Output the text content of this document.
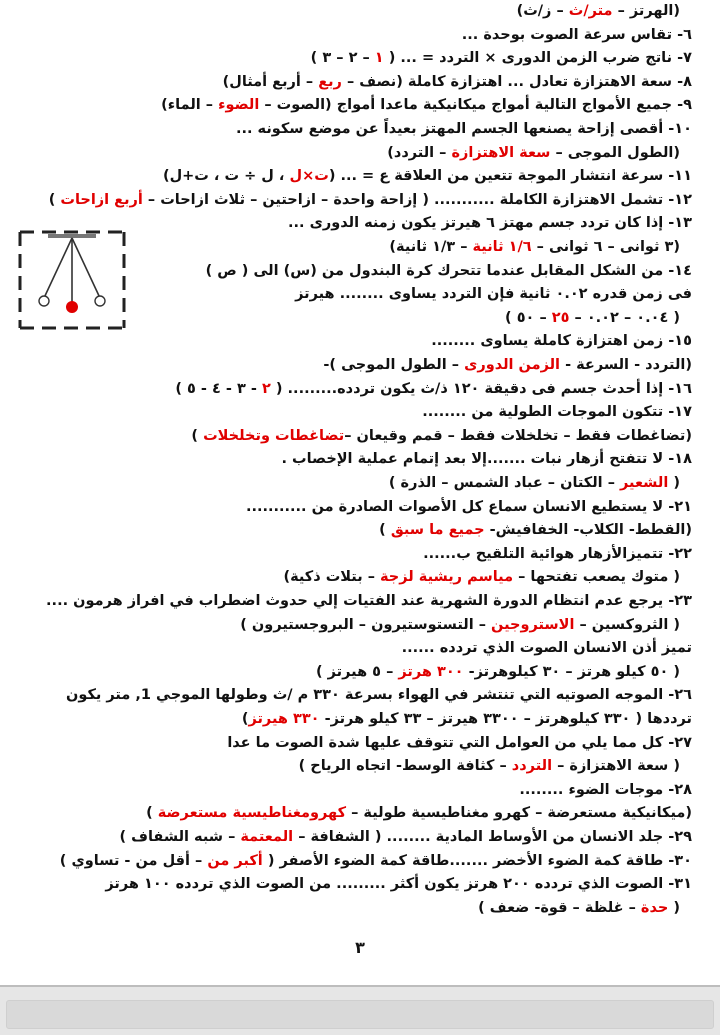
(الهرتز – متر/ث – ز/ث)
٦- تقاس سرعة الصوت بوحدة ...
٧- ناتج ضرب الزمن الدورى × التردد = ... ( ١ – ٢ – ٣ )
٨- سعة الاهتزازة تعادل ... اهتزازة كاملة (نصف – ربع – أربع أمثال)
٩- جميع الأمواج التالية أمواج ميكانيكية ماعدا أمواج (الصوت – الضوء – الماء)
١٠- أقصى إزاحة يصنعها الجسم المهتز بعيداً عن موضع سكونه ...
(الطول الموجى – سعة الاهتزازة – التردد)
١١- سرعة انتشار الموجة تتعين من العلاقة ع = ... (ت×ل ، ل ÷ ت ، ت+ل)
١٢- تشمل الاهتزازة الكاملة ........... ( إزاحة واحدة – ازاحتين – ثلاث ازاحات – أربع ازاحات )
١٣- إذا كان تردد جسم مهتز ٦ هيرتز يكون زمنه الدورى ...
(٣ ثوانى – ٦ ثوانى – ١/٦ ثانية – ١/٣ ثانية)
١٤- من الشكل المقابل عندما تتحرك كرة البندول من (س) الى ( ص )
فى زمن قدره ٠.٠٢ ثانية فإن التردد يساوى ........ هيرتز
( ٠.٠٤ – ٠.٠٢ – ٢٥ – ٥٠ )
١٥- زمن اهتزازة كاملة يساوى ........
(التردد - السرعة - الزمن الدورى – الطول الموجى )-
١٦- إذا أحدث جسم فى دقيقة ١٢٠ ذ/ث يكون تردده......... ( ٢ - ٣ - ٤ - ٥ )
١٧- تتكون الموجات الطولية من ........
(تضاغطات فقط – تخلخلات فقط – قمم وقيعان –تضاغطات وتخلخلات )
١٨- لا تتفتح أزهار نبات .......إلا بعد إتمام عملية الإخصاب .
( الشعير – الكتان – عباد الشمس – الذرة )
٢١- لا يستطيع الانسان سماع كل الأصوات الصادرة من ...........
(القطط- الكلاب- الخفافيش- جميع ما سبق )
٢٢- تتميزالأزهار هوائية التلقيح ب......
( متوك يصعب تفتحها – مياسم ريشية لزجة – بتلات ذكية)
٢٣- يرجع عدم انتظام الدورة الشهرية عند الفتيات إلي حدوث اضطراب في افراز هرمون ....
( الثروكسين – الاستروجين – التستوستيرون – البروجستيرون )
تميز أذن الانسان الصوت الذي تردده ......
( ٥٠ كيلو هرتز – ٣٠ كيلوهرتز- ٣٠٠ هرتز – ٥ هيرتز )
٢٦- الموجه الصوتيه التي تنتشر في الهواء بسرعة ٣٣٠ م /ث وطولها الموجي 1, متر يكون
ترددها ( ٣٣٠ كيلوهرتز – ٣٣٠٠ هيرتز – ٣٣ كيلو هرتز- ٣٣٠ هيرتز)
٢٧- كل مما يلي من العوامل التي تتوقف عليها شدة الصوت ما عدا
( سعة الاهتزازة – التردد – كثافة الوسط- اتجاه الرياح )
٢٨- موجات الضوء ........
(ميكانيكية مستعرضة – كهرو مغناطيسية طولية – كهرومغناطيسية مستعرضة )
٢٩- جلد الانسان من الأوساط المادية ........ ( الشفافة – المعتمة – شبه الشفاف )
٣٠- طاقة كمة الضوء الأخضر .......طاقة كمة الضوء الأصفر ( أكبر من – أقل من - تساوي )
٣١- الصوت الذي تردده ٢٠٠ هرتز يكون أكثر ......... من الصوت الذي تردده ١٠٠ هرتز
( حدة – غلظة – قوة- ضعف )
٣
